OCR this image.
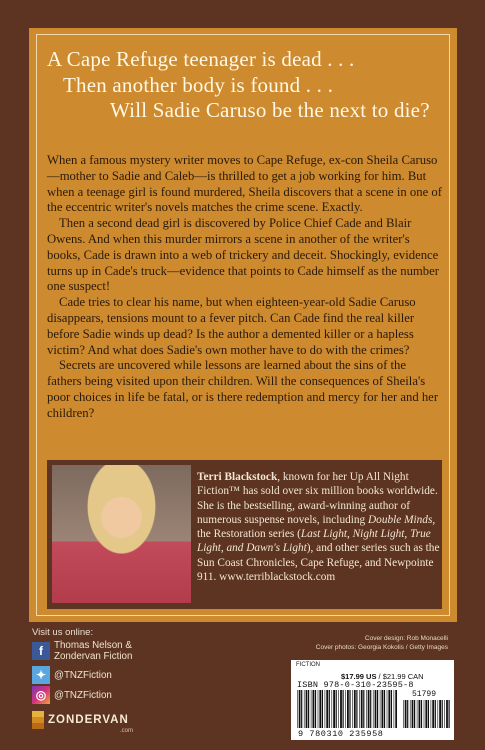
A Cape Refuge teenager is dead . . .
Then another body is found . . .
Will Sadie Caruso be the next to die?

When a famous mystery writer moves to Cape Refuge, ex-con Sheila Caruso—mother to Sadie and Caleb—is thrilled to get a job working for him. But when a teenage girl is found murdered, Sheila discovers that a scene in one of the eccentric writer's novels matches the crime scene. Exactly.

Then a second dead girl is discovered by Police Chief Cade and Blair Owens. And when this murder mirrors a scene in another of the writer's books, Cade is drawn into a web of trickery and deceit. Shockingly, evidence turns up in Cade's truck—evidence that points to Cade himself as the number one suspect!

Cade tries to clear his name, but when eighteen-year-old Sadie Caruso disappears, tensions mount to a fever pitch. Can Cade find the real killer before Sadie winds up dead? Is the author a demented killer or a hapless victim? And what does Sadie's own mother have to do with the crimes?

Secrets are uncovered while lessons are learned about the sins of the fathers being visited upon their children. Will the consequences of Sheila's poor choices in life be fatal, or is there redemption and mercy for her and her children?

Terri Blackstock, known for her Up All Night Fiction™ has sold over six million books worldwide. She is the bestselling, award-winning author of numerous suspense novels, including Double Minds, the Restoration series (Last Light, Night Light, True Light, and Dawn's Light), and other series such as the Sun Coast Chronicles, Cape Refuge, and Newpointe 911. www.terriblackstock.com
Visit us online:
f	Thomas Nelson & Zondervan Fiction
✦ @TNZFiction
◎ @TNZFiction
ZONDERVAN
.com
Cover design: Rob Monacelli
Cover photos: Georgia Kokolis / Getty Images
FICTION
$17.99 US / $21.99 CAN
ISBN 978-0-310-23595-8
51799
9 780310 235958
